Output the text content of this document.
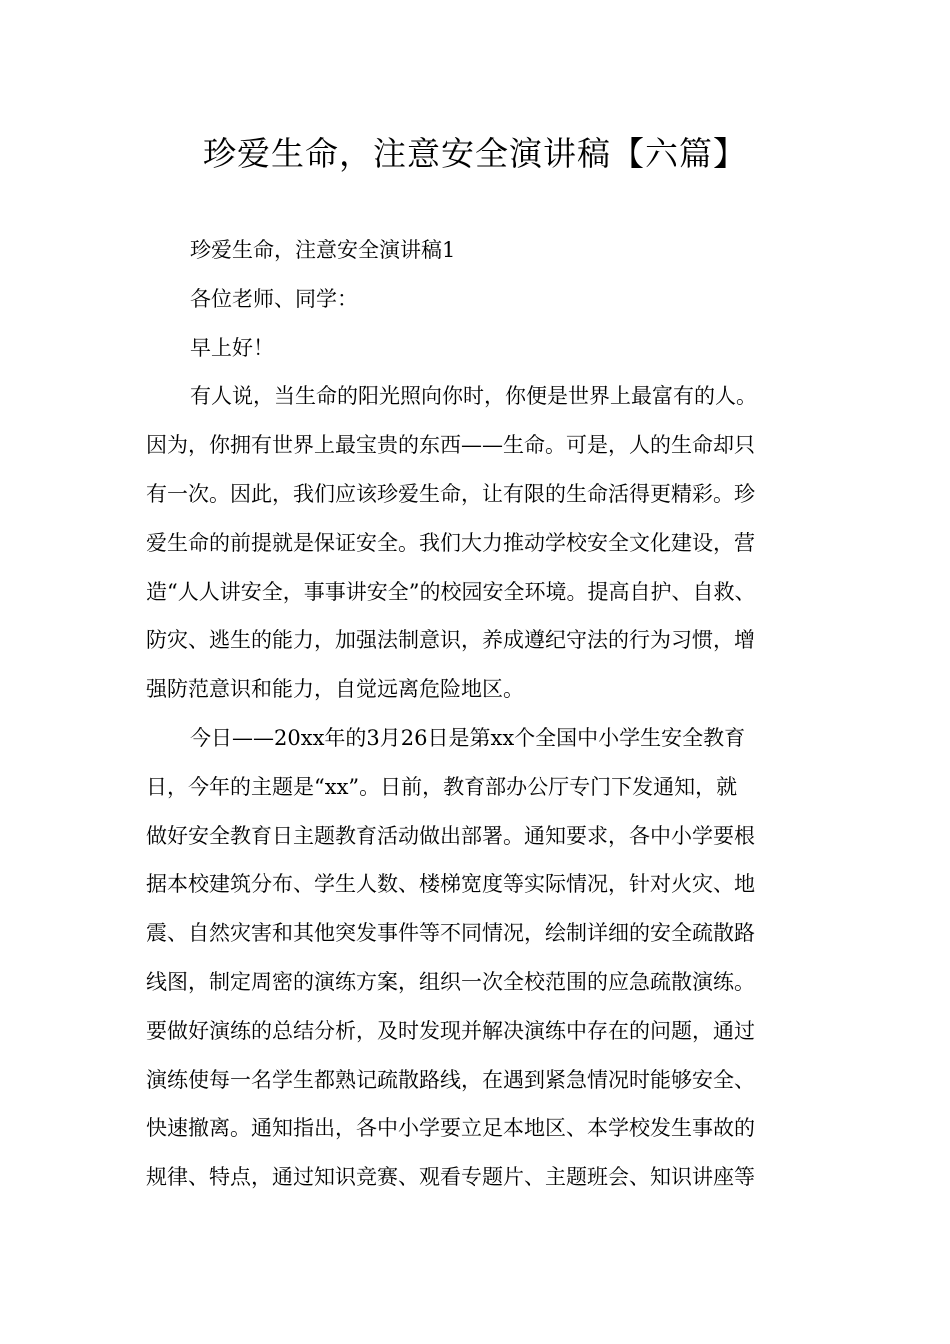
珍爱生命，注意安全演讲稿【六篇】
珍爱生命，注意安全演讲稿1
各位老师、同学：
早上好！
有人说，当生命的阳光照向你时，你便是世界上最富有的人。
因为，你拥有世界上最宝贵的东西——生命。可是，人的生命却只
有一次。因此，我们应该珍爱生命，让有限的生命活得更精彩。珍
爱生命的前提就是保证安全。我们大力推动学校安全文化建设，营
造“人人讲安全，事事讲安全”的校园安全环境。提高自护、自救、
防灾、逃生的能力，加强法制意识，养成遵纪守法的行为习惯，增
强防范意识和能力，自觉远离危险地区。
今日——20xx年的3月26日是第xx个全国中小学生安全教育
日，今年的主题是“xx”。日前，教育部办公厅专门下发通知，就
做好安全教育日主题教育活动做出部署。通知要求，各中小学要根
据本校建筑分布、学生人数、楼梯宽度等实际情况，针对火灾、地
震、自然灾害和其他突发事件等不同情况，绘制详细的安全疏散路
线图，制定周密的演练方案，组织一次全校范围的应急疏散演练。
要做好演练的总结分析，及时发现并解决演练中存在的问题，通过
演练使每一名学生都熟记疏散路线，在遇到紧急情况时能够安全、
快速撤离。通知指出，各中小学要立足本地区、本学校发生事故的
规律、特点，通过知识竞赛、观看专题片、主题班会、知识讲座等
